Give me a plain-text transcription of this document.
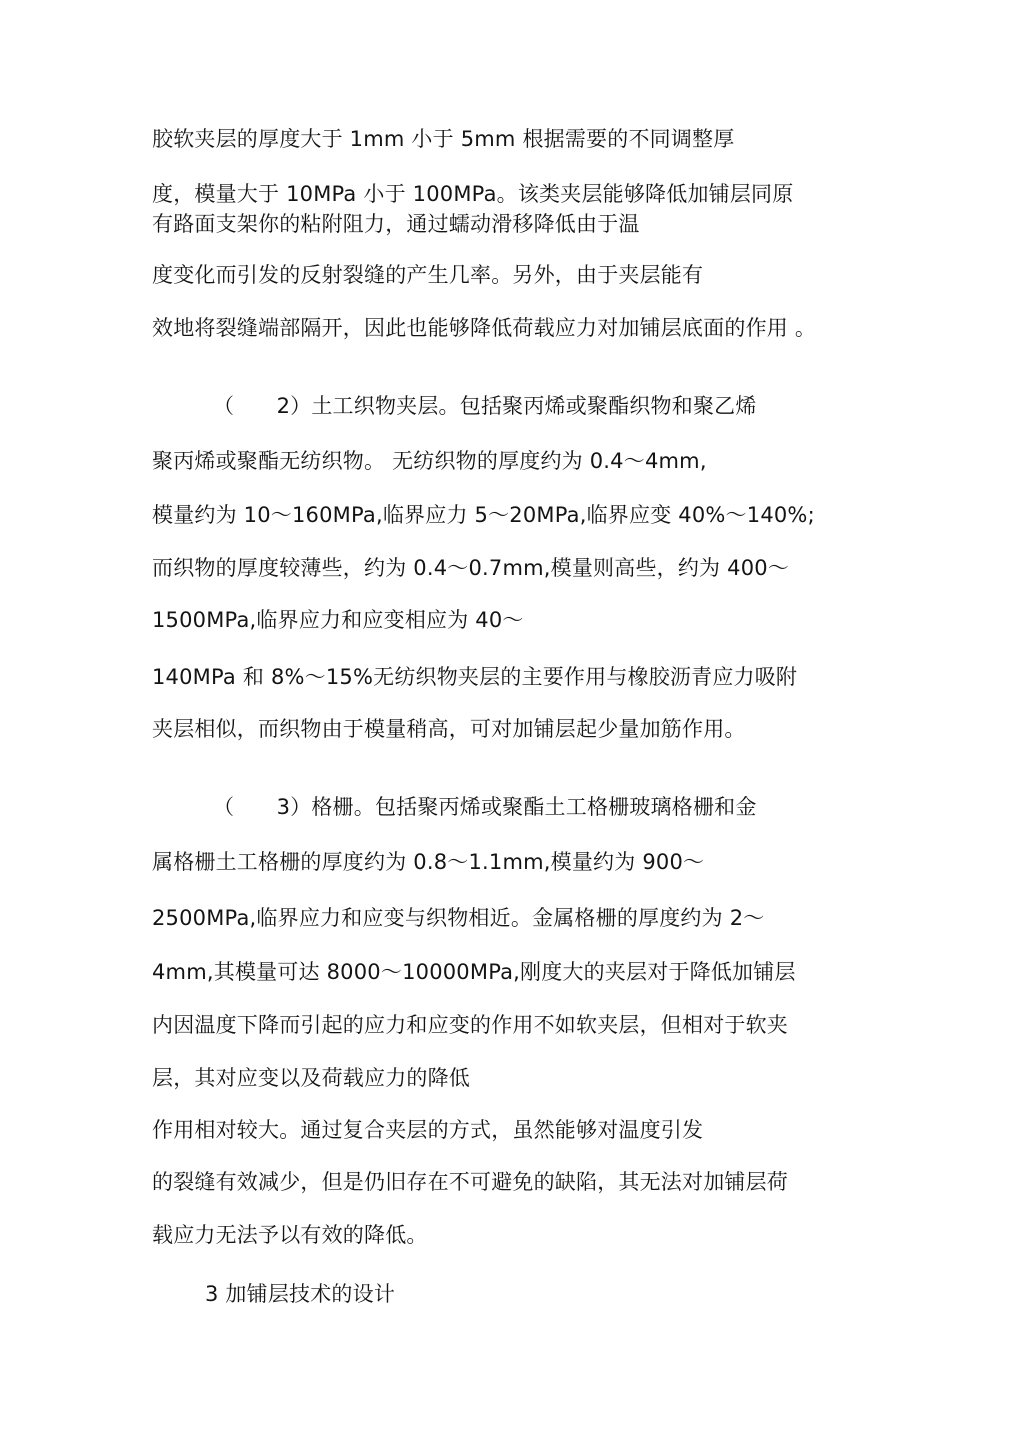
胶软夹层的厚度大于 1mm 小于 5mm 根据需要的不同调整厚
度，模量大于 10MPa 小于 100MPa。该类夹层能够降低加铺层同原
有路面支架你的粘附阻力，通过蠕动滑移降低由于温
度变化而引发的反射裂缝的产生几率。另外，由于夹层能有
效地将裂缝端部隔开，因此也能够降低荷载应力对加铺层底面的作用 。
（　　2）土工织物夹层。包括聚丙烯或聚酯织物和聚乙烯
聚丙烯或聚酯无纺织物。 无纺织物的厚度约为 0.4～4mm,
模量约为 10～160MPa,临界应力 5～20MPa,临界应变 40%～140%;
而织物的厚度较薄些，约为 0.4～0.7mm,模量则高些，约为 400～
1500MPa,临界应力和应变相应为 40～
140MPa 和 8%～15%无纺织物夹层的主要作用与橡胶沥青应力吸附
夹层相似，而织物由于模量稍高，可对加铺层起少量加筋作用。
（　　3）格栅。包括聚丙烯或聚酯土工格栅玻璃格栅和金
属格栅土工格栅的厚度约为 0.8～1.1mm,模量约为 900～
2500MPa,临界应力和应变与织物相近。金属格栅的厚度约为 2～
4mm,其模量可达 8000～10000MPa,刚度大的夹层对于降低加铺层
内因温度下降而引起的应力和应变的作用不如软夹层，但相对于软夹
层，其对应变以及荷载应力的降低
作用相对较大。通过复合夹层的方式，虽然能够对温度引发
的裂缝有效减少，但是仍旧存在不可避免的缺陷，其无法对加铺层荷
载应力无法予以有效的降低。
3 加铺层技术的设计
